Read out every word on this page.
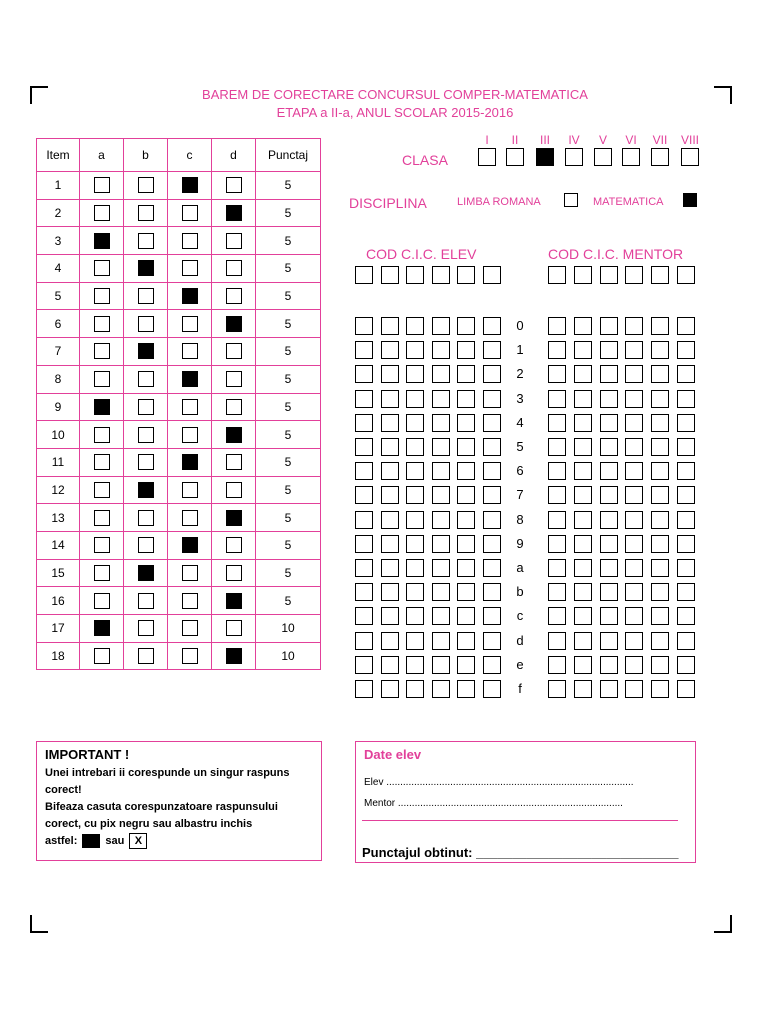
BAREM DE CORECTARE CONCURSUL COMPER-MATEMATICA
ETAPA a II-a, ANUL SCOLAR 2015-2016
Item	a	b	c	d	Punctaj
1					5
2					5
3					5
4					5
5					5
6					5
7					5
8					5
9					5
10					5
11					5
12					5
13					5
14					5
15					5
16					5
17					10
18					10
CLASA
I	II	III	IV	V	VI	VII VIII
DISCIPLINA	LIMBA ROMANA	MATEMATICA
COD C.I.C. ELEV	COD C.I.C. MENTOR
0
1
2
3
4
5
6
7
8
9
a
b
c
d
e
f
IMPORTANT !
Unei intrebari ii corespunde un singur raspuns
corect!
Bifeaza casuta corespunzatoare raspunsului
corect, cu pix negru sau albastru inchis
astfel:	sau X
Date elev
Elev .........................................................................................
Mentor .................................................................................
Punctajul obtinut: ____________________________
